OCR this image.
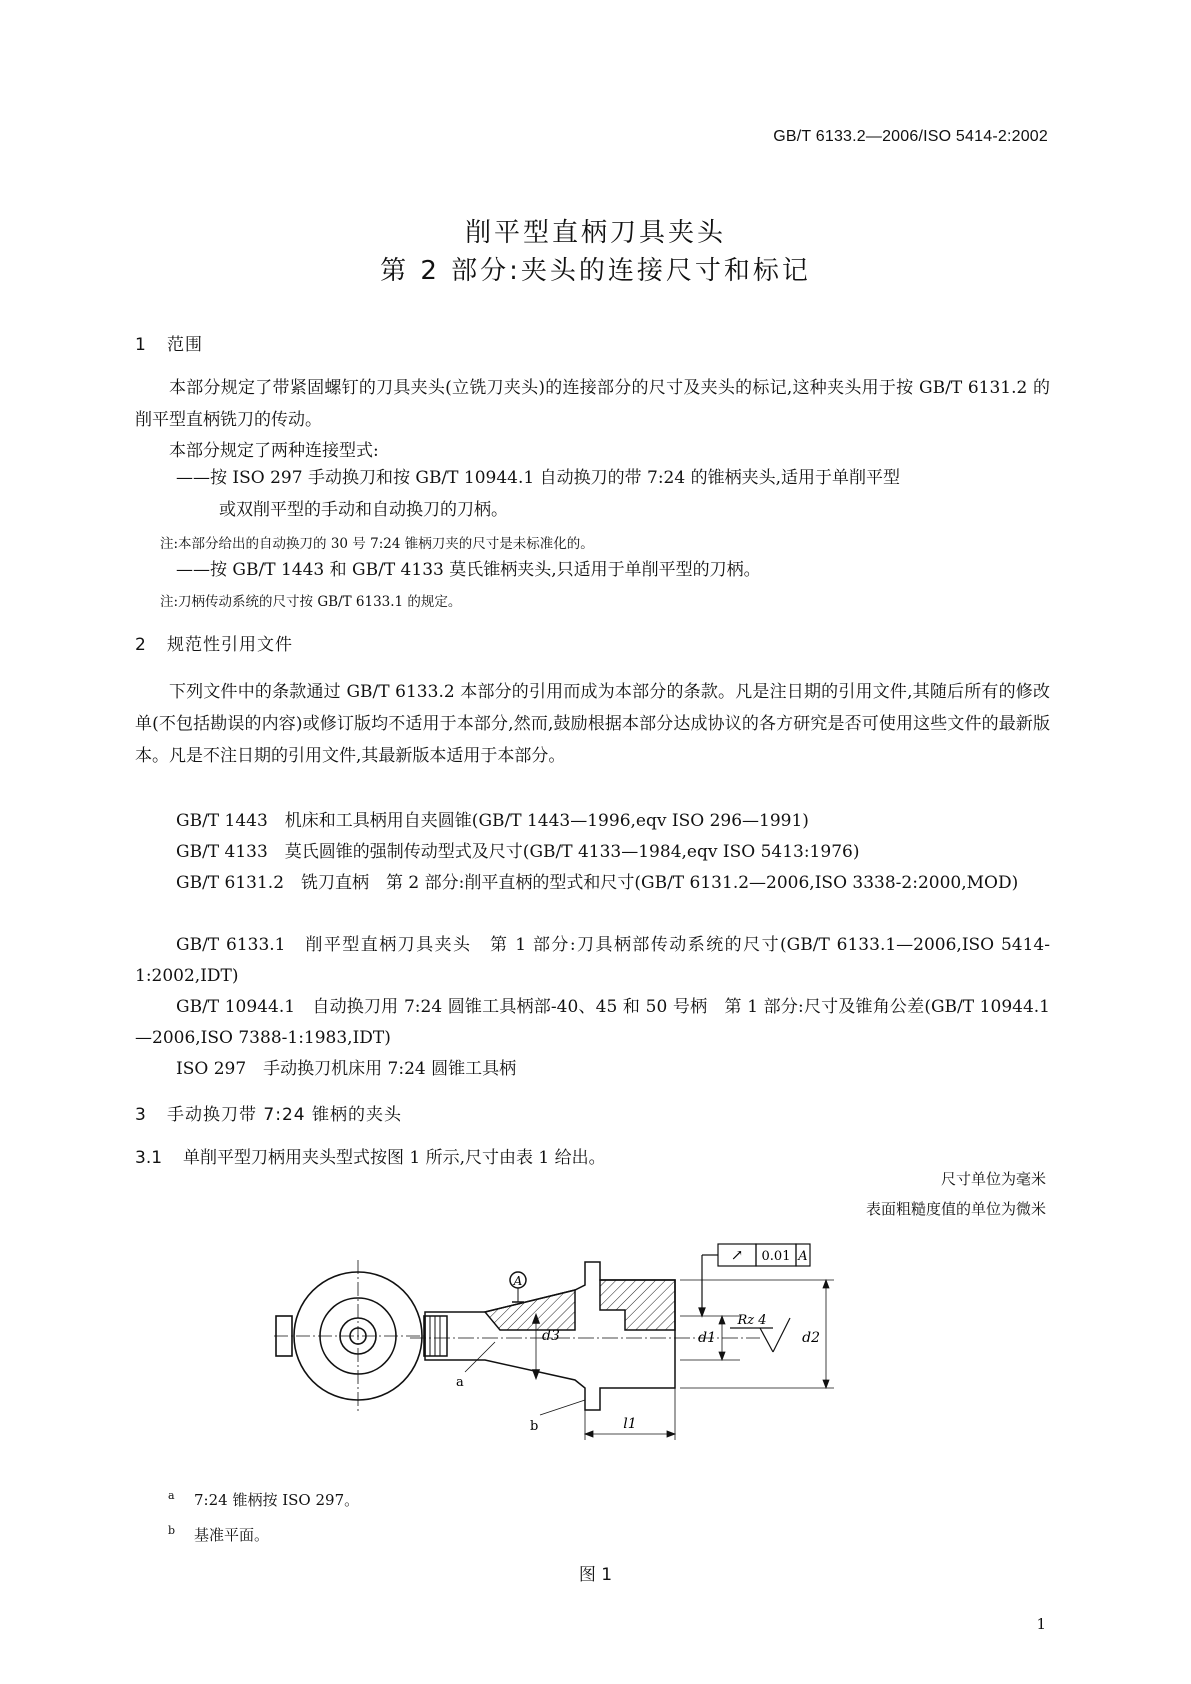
GB/T 6133.2—2006/ISO 5414-2:2002
削平型直柄刀具夹头
第 2 部分:夹头的连接尺寸和标记
1 范围
本部分规定了带紧固螺钉的刀具夹头(立铣刀夹头)的连接部分的尺寸及夹头的标记,这种夹头用于按 GB/T 6131.2 的削平型直柄铣刀的传动。
本部分规定了两种连接型式:
——按 ISO 297 手动换刀和按 GB/T 10944.1 自动换刀的带 7:24 的锥柄夹头,适用于单削平型
或双削平型的手动和自动换刀的刀柄。
注:本部分给出的自动换刀的 30 号 7:24 锥柄刀夹的尺寸是未标准化的。
——按 GB/T 1443 和 GB/T 4133 莫氏锥柄夹头,只适用于单削平型的刀柄。
注:刀柄传动系统的尺寸按 GB/T 6133.1 的规定。
2 规范性引用文件
下列文件中的条款通过 GB/T 6133.2 本部分的引用而成为本部分的条款。凡是注日期的引用文件,其随后所有的修改单(不包括勘误的内容)或修订版均不适用于本部分,然而,鼓励根据本部分达成协议的各方研究是否可使用这些文件的最新版本。凡是不注日期的引用文件,其最新版本适用于本部分。
GB/T 1443　机床和工具柄用自夹圆锥(GB/T 1443—1996,eqv ISO 296—1991)
GB/T 4133　莫氏圆锥的强制传动型式及尺寸(GB/T 4133—1984,eqv ISO 5413:1976)
GB/T 6131.2　铣刀直柄　第 2 部分:削平直柄的型式和尺寸(GB/T 6131.2—2006,ISO 3338-2:2000,MOD)
GB/T 6133.1　削平型直柄刀具夹头　第 1 部分:刀具柄部传动系统的尺寸(GB/T 6133.1—2006,ISO 5414-1:2002,IDT)
GB/T 10944.1　自动换刀用 7:24 圆锥工具柄部-40、45 和 50 号柄　第 1 部分:尺寸及锥角公差(GB/T 10944.1—2006,ISO 7388-1:1983,IDT)
ISO 297　手动换刀机床用 7:24 圆锥工具柄
3 手动换刀带 7:24 锥柄的夹头
3.1 单削平型刀柄用夹头型式按图 1 所示,尺寸由表 1 给出。
尺寸单位为毫米
表面粗糙度值的单位为微米
↗ 0.01 A
A
Rz 4
d1	d2
d3
l1
a
b
$^a$ 7:24 锥柄按 ISO 297。
$^b$ 基准平面。
图 1
1
